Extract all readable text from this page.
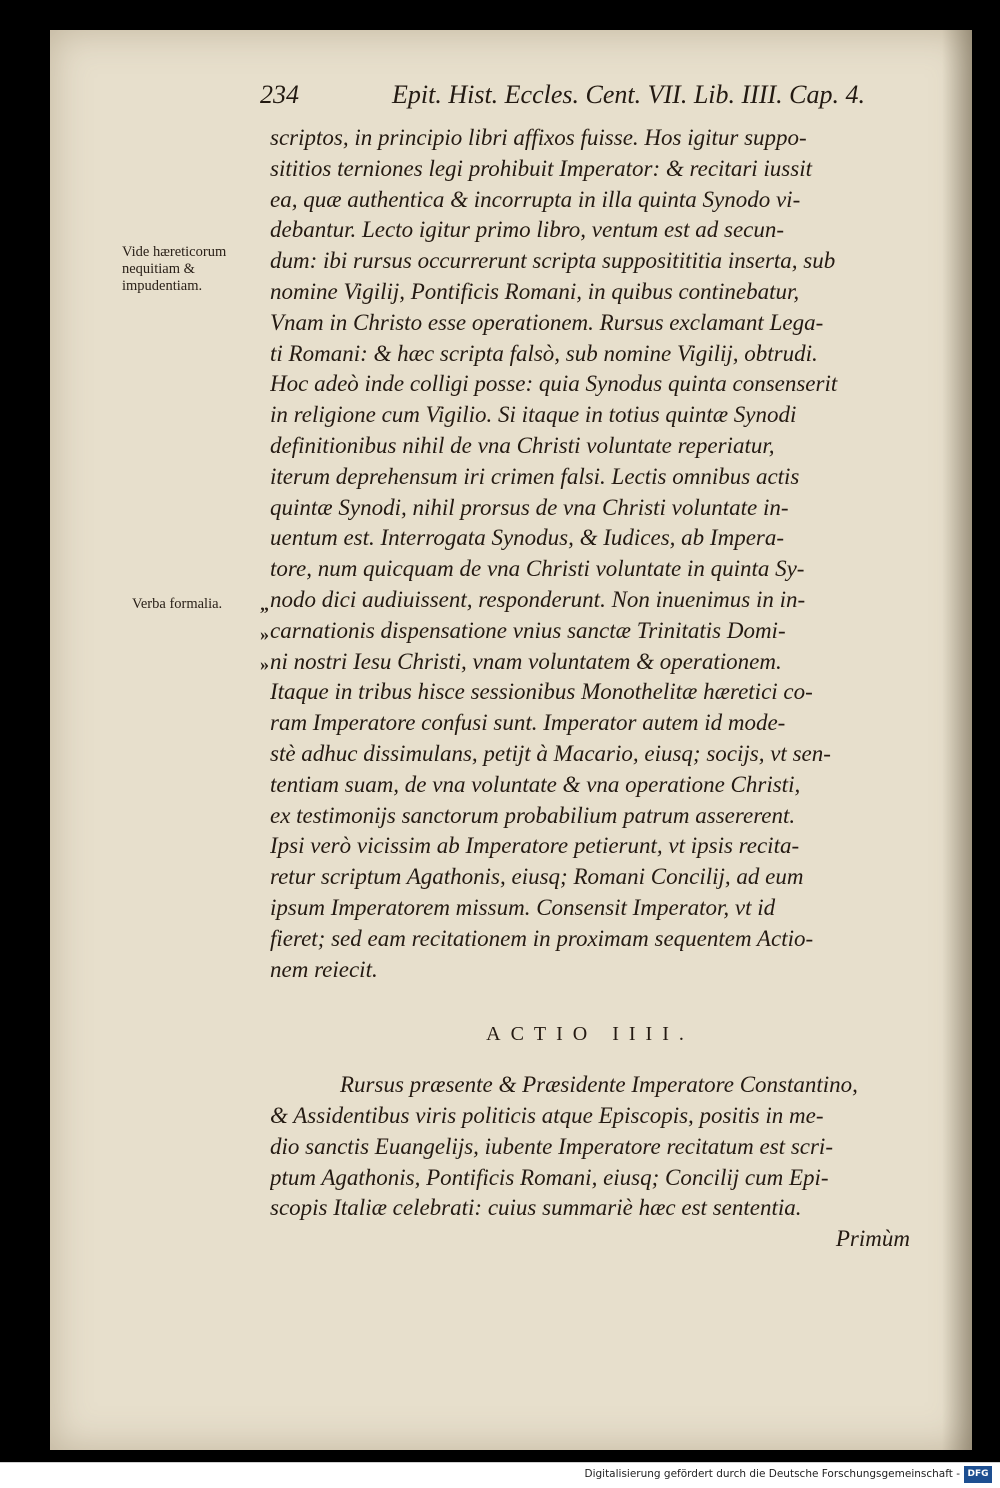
234	Epit. Hist. Eccles. Cent. VII. Lib. IIII. Cap. 4.
Vide hæreticorum nequitiam & impudentiam.
Verba formalia.	„
»
»
scriptos, in principio libri affixos fuisse. Hos igitur suppo-
sititios terniones legi prohibuit Imperator: & recitari iussit
ea, quæ authentica & incorrupta in illa quinta Synodo vi-
debantur. Lecto igitur primo libro, ventum est ad secun-
dum: ibi rursus occurrerunt scripta suppositititia inserta, sub
nomine Vigilij, Pontificis Romani, in quibus continebatur,
Vnam in Christo esse operationem. Rursus exclamant Lega-
ti Romani: & hæc scripta falsò, sub nomine Vigilij, obtrudi.
Hoc adeò inde colligi posse: quia Synodus quinta consenserit
in religione cum Vigilio. Si itaque in totius quintæ Synodi
definitionibus nihil de vna Christi voluntate reperiatur,
iterum deprehensum iri crimen falsi. Lectis omnibus actis
quintæ Synodi, nihil prorsus de vna Christi voluntate in-
uentum est. Interrogata Synodus, & Iudices, ab Impera-
tore, num quicquam de vna Christi voluntate in quinta Sy-
nodo dici audiuissent, responderunt. Non inuenimus in in-
carnationis dispensatione vnius sanctæ Trinitatis Domi-
ni nostri Iesu Christi, vnam voluntatem & operationem.
Itaque in tribus hisce sessionibus Monothelitæ hæretici co-
ram Imperatore confusi sunt. Imperator autem id mode-
stè adhuc dissimulans, petijt à Macario, eiusq; socijs, vt sen-
tentiam suam, de vna voluntate & vna operatione Christi,
ex testimonijs sanctorum probabilium patrum assererent.
Ipsi verò vicissim ab Imperatore petierunt, vt ipsis recita-
retur scriptum Agathonis, eiusq; Romani Concilij, ad eum
ipsum Imperatorem missum. Consensit Imperator, vt id
fieret; sed eam recitationem in proximam sequentem Actio-
nem reiecit.
ACTIO IIII.
Rursus præsente & Præsidente Imperatore Constantino,
& Assidentibus viris politicis atque Episcopis, positis in me-
dio sanctis Euangelijs, iubente Imperatore recitatum est scri-
ptum Agathonis, Pontificis Romani, eiusq; Concilij cum Epi-
scopis Italiæ celebrati: cuius summariè hæc est sententia.
Primùm
Digitalisierung gefördert durch die Deutsche Forschungsgemeinschaft - DFG
